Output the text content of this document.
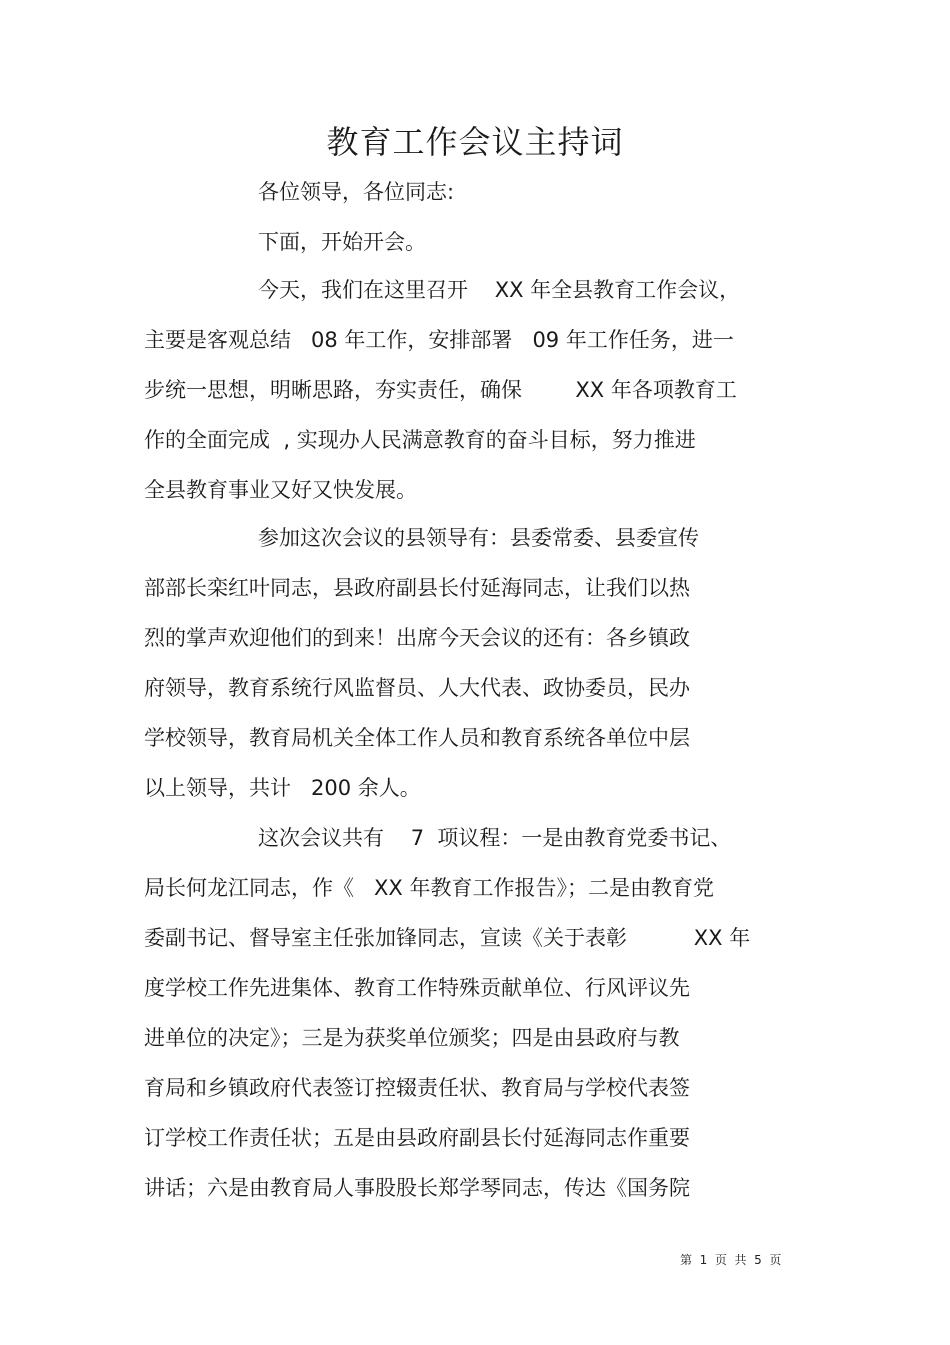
教育工作会议主持词
各位领导，各位同志:
下面，开始开会。
今天，我们在这里召开    XX 年全县教育工作会议，
主要是客观总结   08 年工作，安排部署   09 年工作任务，进一
步统一思想，明晰思路，夯实责任，确保        XX 年各项教育工
作的全面完成  , 实现办人民满意教育的奋斗目标，努力推进
全县教育事业又好又快发展。
参加这次会议的县领导有：县委常委、县委宣传
部部长栾红叶同志，县政府副县长付延海同志，让我们以热
烈的掌声欢迎他们的到来！出席今天会议的还有：各乡镇政
府领导，教育系统行风监督员、人大代表、政协委员，民办
学校领导，教育局机关全体工作人员和教育系统各单位中层
以上领导，共计   200 余人。
这次会议共有    7  项议程：一是由教育党委书记、
局长何龙江同志，作《   XX 年教育工作报告》；二是由教育党
委副书记、督导室主任张加锋同志，宣读《关于表彰          XX 年
度学校工作先进集体、教育工作特殊贡献单位、行风评议先
进单位的决定》；三是为获奖单位颁奖；四是由县政府与教
育局和乡镇政府代表签订控辍责任状、教育局与学校代表签
订学校工作责任状；五是由县政府副县长付延海同志作重要
讲话；六是由教育局人事股股长郑学琴同志，传达《国务院
第  1  页  共  5  页
